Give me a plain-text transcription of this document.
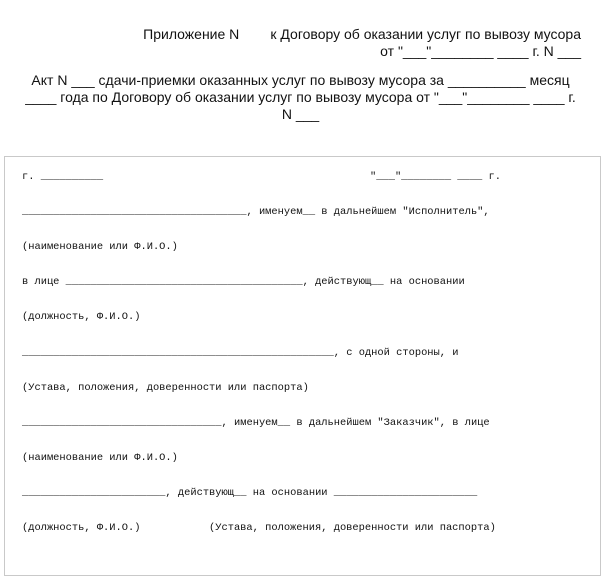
Приложение N        к Договору об оказании услуг по вывозу мусора
от "___"________ ____ г. N ___
Акт N ___ сдачи-приемки оказанных услуг по вывозу мусора за __________ месяц
____ года по Договору об оказании услуг по вывозу мусора от "___"________ ____ г.
N ___
г. __________	"___"________ ____ г.
____________________________________, именуем__ в дальнейшем "Исполнитель",
(наименование или Ф.И.О.)
в лице ______________________________________, действующ__ на основании
(должность, Ф.И.О.)
__________________________________________________, с одной стороны, и
(Устава, положения, доверенности или паспорта)
________________________________, именуем__ в дальнейшем "Заказчик", в лице
(наименование или Ф.И.О.)
_______________________, действующ__ на основании _______________________
(должность, Ф.И.О.)	(Устава, положения, доверенности или паспорта)
